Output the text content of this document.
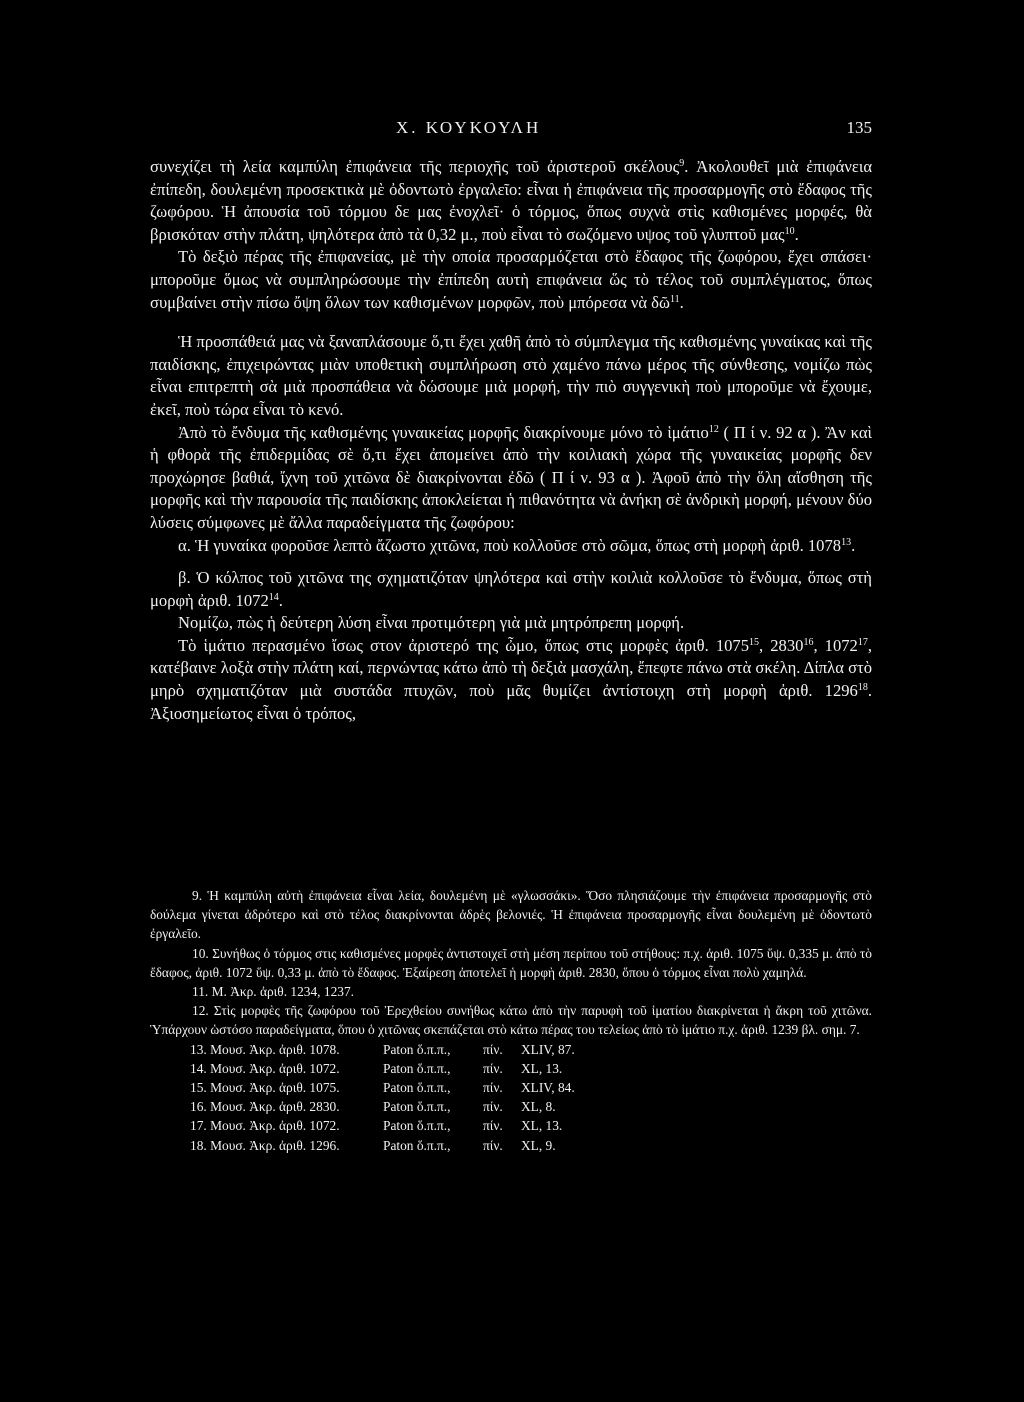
Χ. ΚΟΥΚΟΥΛΗ	135

συνεχίζει τὴ λεία καμπύλη ἐπιφάνεια τῆς περιοχῆς τοῦ ἀριστεροῦ σκέλους$^9$. Ἀκολουθεῖ μιὰ ἐπιφάνεια ἐπίπεδη, δουλεμένη προσεκτικὰ μὲ ὀδοντωτὸ ἐργαλεῖο: εἶναι ἡ ἐπιφάνεια τῆς προσαρμογῆς στὸ ἔδαφος τῆς ζωφόρου. Ἡ ἀπουσία τοῦ τόρμου δε μας ἐνοχλεῖ· ὁ τόρμος, ὅπως συχνὰ στὶς καθισμένες μορφές, θὰ βρισκόταν στὴν πλάτη, ψηλότερα ἀπὸ τὰ 0,32 μ., ποὺ εἶναι τὸ σωζόμενο υψος τοῦ γλυπτοῦ μας$^{10}$.

Τὸ δεξιὸ πέρας τῆς ἐπιφανείας, μὲ τὴν οποία προσαρμόζεται στὸ ἔδαφος τῆς ζωφόρου, ἔχει σπάσει· μποροῦμε ὅμως νὰ συμπληρώσουμε τὴν ἐπίπεδη αυτὴ επιφάνεια ὥς τὸ τέλος τοῦ συμπλέγματος, ὅπως συμβαίνει στὴν πίσω ὄψη ὅλων των καθισμένων μορφῶν, ποὺ μπόρεσα νὰ δῶ$^{11}$.

Ἡ προσπάθειά μας νὰ ξαναπλάσουμε ὅ,τι ἔχει χαθῆ ἀπὸ τὸ σύμπλεγμα τῆς καθισμένης γυναίκας καὶ τῆς παιδίσκης, ἐπιχειρώντας μιὰν υποθετικὴ συμπλήρωση στὸ χαμένο πάνω μέρος τῆς σύνθεσης, νομίζω πὼς εἶναι επιτρεπτὴ σὰ μιὰ προσπάθεια νὰ δώσουμε μιὰ μορφή, τὴν πιὸ συγγενικὴ ποὺ μποροῦμε νὰ ἔχουμε, ἐκεῖ, ποὺ τώρα εἶναι τὸ κενό.

Ἀπὸ τὸ ἔνδυμα τῆς καθισμένης γυναικείας μορφῆς διακρίνουμε μόνο τὸ ἱμάτιο$^{12}$ ( Π ί ν. 92 α ). Ἂν καὶ ἡ φθορὰ τῆς ἐπιδερμίδας σὲ ὅ,τι ἔχει ἀπομείνει ἀπὸ τὴν κοιλιακὴ χώρα τῆς γυναικείας μορφῆς δεν προχώρησε βαθιά, ἴχνη τοῦ χιτῶνα δὲ διακρίνονται ἐδῶ ( Π ί ν. 93 α ). Ἀφοῦ ἀπὸ τὴν ὅλη αἴσθηση τῆς μορφῆς καὶ τὴν παρουσία τῆς παιδίσκης ἀποκλείεται ἡ πιθανότητα νὰ ἀνήκη σὲ ἀνδρικὴ μορφή, μένουν δύο λύσεις σύμφωνες μὲ ἄλλα παραδείγματα τῆς ζωφόρου:

α. Ἡ γυναίκα φοροῦσε λεπτὸ ἄζωστο χιτῶνα, ποὺ κολλοῦσε στὸ σῶμα, ὅπως στὴ μορφὴ ἀριθ. 1078$^{13}$.

β. Ὁ κόλπος τοῦ χιτῶνα της σχηματιζόταν ψηλότερα καὶ στὴν κοιλιὰ κολλοῦσε τὸ ἔνδυμα, ὅπως στὴ μορφὴ ἀριθ. 1072$^{14}$.

Νομίζω, πὼς ἡ δεύτερη λύση εἶναι προτιμότερη γιὰ μιὰ μητρόπρεπη μορφή.

Τὸ ἱμάτιο περασμένο ἴσως στον ἀριστερό της ὦμο, ὅπως στις μορφὲς ἀριθ. 1075$^{15}$, 2830$^{16}$, 1072$^{17}$, κατέβαινε λοξὰ στὴν πλάτη καί, περνώντας κάτω ἀπὸ τὴ δεξιὰ μασχάλη, ἔπεφτε πάνω στὰ σκέλη. Δίπλα στὸ μηρὸ σχηματιζόταν μιὰ συστάδα πτυχῶν, ποὺ μᾶς θυμίζει ἀντίστοιχη στὴ μορφὴ ἀριθ. 1296$^{18}$. Ἀξιοσημείωτος εἶναι ὁ τρόπος,

9. Ἡ καμπύλη αὐτὴ ἐπιφάνεια εἶναι λεία, δουλεμένη μὲ «γλωσσάκι». Ὅσο πλησιάζουμε τὴν ἐπιφάνεια προσαρμογῆς στὸ δούλεμα γίνεται ἀδρότερο καὶ στὸ τέλος διακρίνονται ἀδρὲς βελονιές. Ἡ ἐπιφάνεια προσαρμογῆς εἶναι δουλεμένη μὲ ὀδοντωτὸ ἐργαλεῖο.

10. Συνήθως ὁ τόρμος στις καθισμένες μορφὲς ἀντιστοιχεῖ στὴ μέση περίπου τοῦ στήθους: π.χ. ἀριθ. 1075 ὕψ. 0,335 μ. ἀπὸ τὸ ἔδαφος, ἀριθ. 1072 ὕψ. 0,33 μ. ἀπὸ τὸ ἔδαφος. Ἐξαίρεση ἀποτελεῖ ἡ μορφὴ ἀριθ. 2830, ὅπου ὁ τόρμος εἶναι πολὺ χαμηλά.

11. Μ. Ἀκρ. ἀριθ. 1234, 1237.

12. Στὶς μορφὲς τῆς ζωφόρου τοῦ Ἐρεχθείου συνήθως κάτω ἀπὸ τὴν παρυφὴ τοῦ ἱματίου διακρίνεται ἡ ἄκρη τοῦ χιτῶνα. Ὑπάρχουν ὡστόσο παραδείγματα, ὅπου ὁ χιτῶνας σκεπάζεται στὸ κάτω πέρας του τελείως ἀπὸ τὸ ἱμάτιο π.χ. ἀριθ. 1239 βλ. σημ. 7.

13. Μουσ. Ἀκρ. ἀριθ. 1078.	Paton ὅ.π.π.,	πίν.	XLIV, 87.

14. Μουσ. Ἀκρ. ἀριθ. 1072.	Paton ὅ.π.π.,	πίν.	XL, 13.

15. Μουσ. Ἀκρ. ἀριθ. 1075.	Paton ὅ.π.π.,	πίν.	XLIV, 84.

16. Μουσ. Ἀκρ. ἀριθ. 2830.	Paton ὅ.π.π.,	πίν.	XL, 8.

17. Μουσ. Ἀκρ. ἀριθ. 1072.	Paton ὅ.π.π.,	πίν.	XL, 13.

18. Μουσ. Ἀκρ. ἀριθ. 1296.	Paton ὅ.π.π.,	πίν.	XL, 9.
